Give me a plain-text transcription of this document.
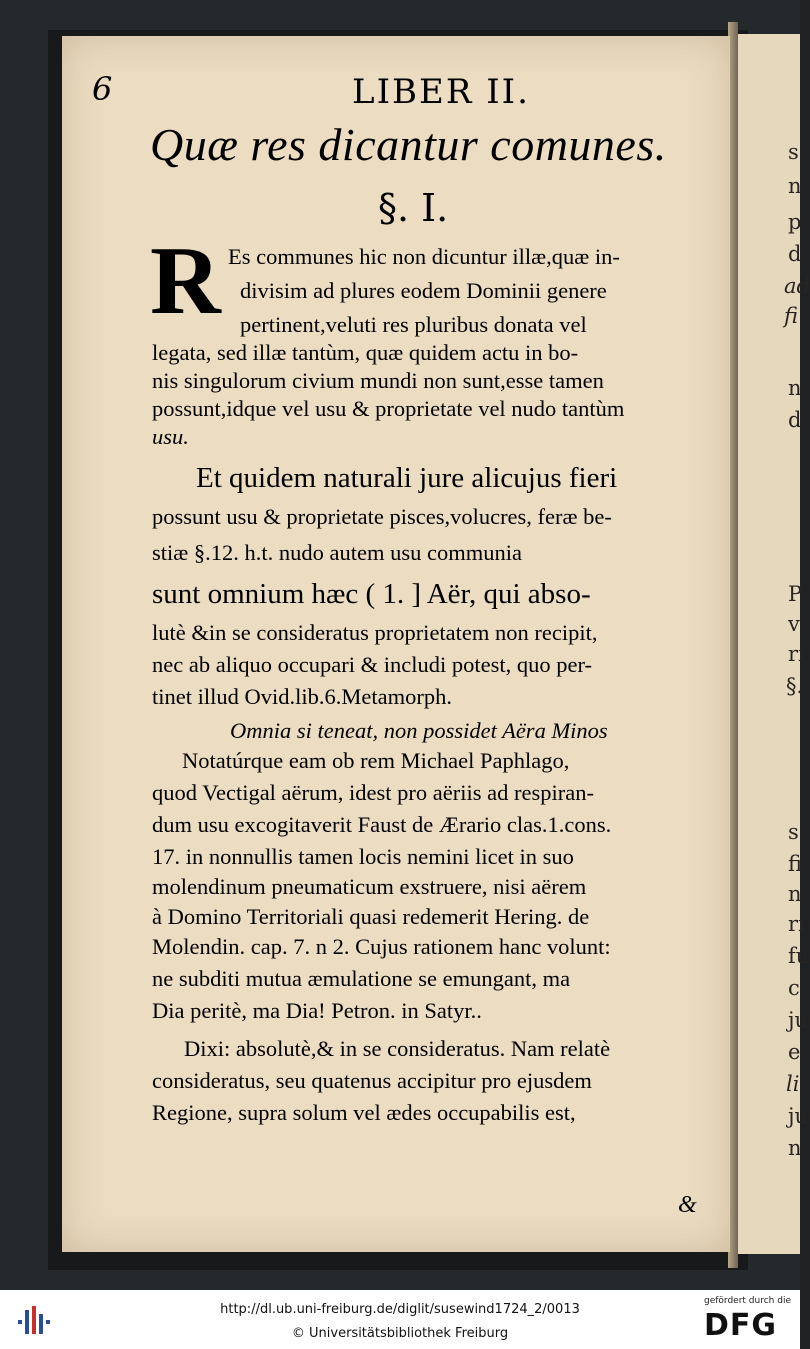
s
n
p
d
ad
fi
n
d
P
v
ri
§.
s
fi
n
ri
fu
c
ju
e
li
ju
n
6	LIBER II.
Quæ res dicantur comunes.
§. I.
R Es communes hic non dicuntur illæ,quæ in-
divisim ad plures eodem Dominii genere
pertinent,veluti res pluribus donata vel
legata, sed illæ tantùm, quæ quidem actu in bo-
nis singulorum civium mundi non sunt,esse tamen
possunt,idque vel usu & proprietate vel nudo tantùm
usu.
Et quidem naturali jure alicujus fieri
possunt usu & proprietate pisces,volucres, feræ be-
stiæ §.12. h.t. nudo autem usu communia
sunt omnium hæc ( 1. ] Aër, qui abso-
lutè &in se consideratus proprietatem non recipit,
nec ab aliquo occupari & includi potest, quo per-
tinet illud Ovid.lib.6.Metamorph.
Omnia si teneat, non possidet Aëra Minos
Notatúrque eam ob rem Michael Paphlago,
quod Vectigal aërum, idest pro aëriis ad respiran-
dum usu excogitaverit Faust de Ærario clas.1.cons.
17. in nonnullis tamen locis nemini licet in suo
molendinum pneumaticum exstruere, nisi aërem
à Domino Territoriali quasi redemerit Hering. de
Molendin. cap. 7. n 2. Cujus rationem hanc volunt:
ne subditi mutua æmulatione se emungant, ma
Dia peritè, ma Dia! Petron. in Satyr..
Dixi: absolutè,& in se consideratus. Nam relatè
consideratus, seu quatenus accipitur pro ejusdem
Regione, supra solum vel ædes occupabilis est,
&
http://dl.ub.uni-freiburg.de/diglit/susewind1724_2/0013
© Universitätsbibliothek Freiburg
gefördert durch die
DFG
